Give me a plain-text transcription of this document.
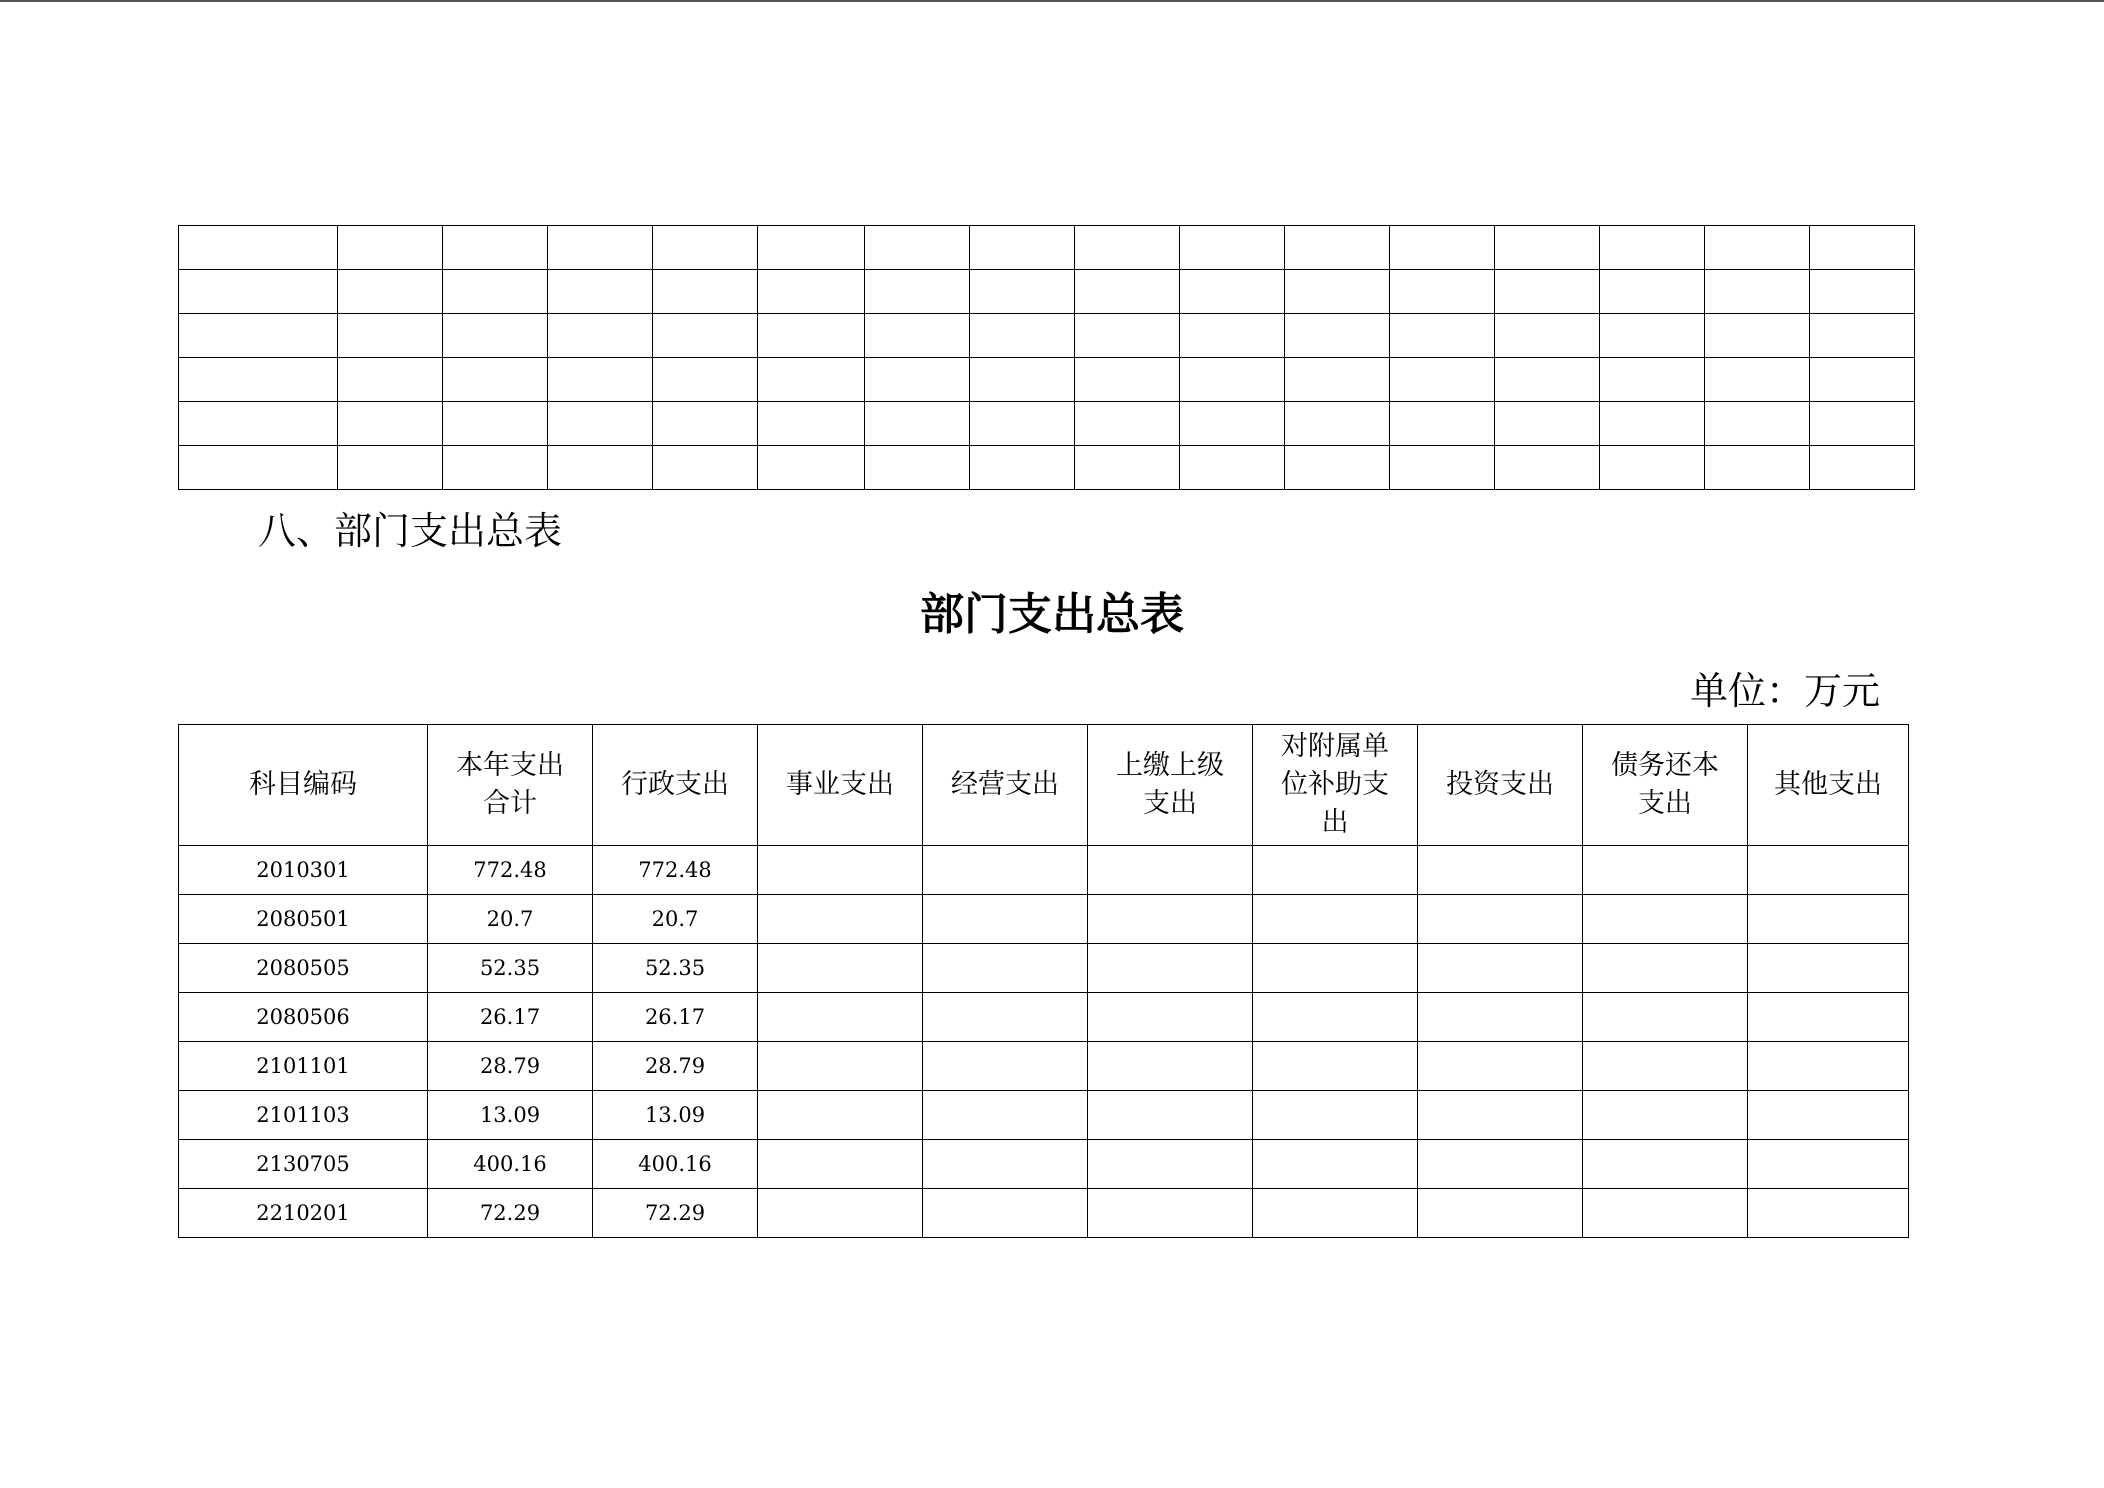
八、部门支出总表
部门支出总表
单位：万元
科目编码	本年支出合计	行政支出	事业支出	经营支出	上缴上级支出	对附属单位补助支出	投资支出	债务还本支出	其他支出
2010301	772.48	772.48							
2080501	20.7	20.7							
2080505	52.35	52.35							
2080506	26.17	26.17							
2101101	28.79	28.79							
2101103	13.09	13.09							
2130705	400.16	400.16							
2210201	72.29	72.29							
